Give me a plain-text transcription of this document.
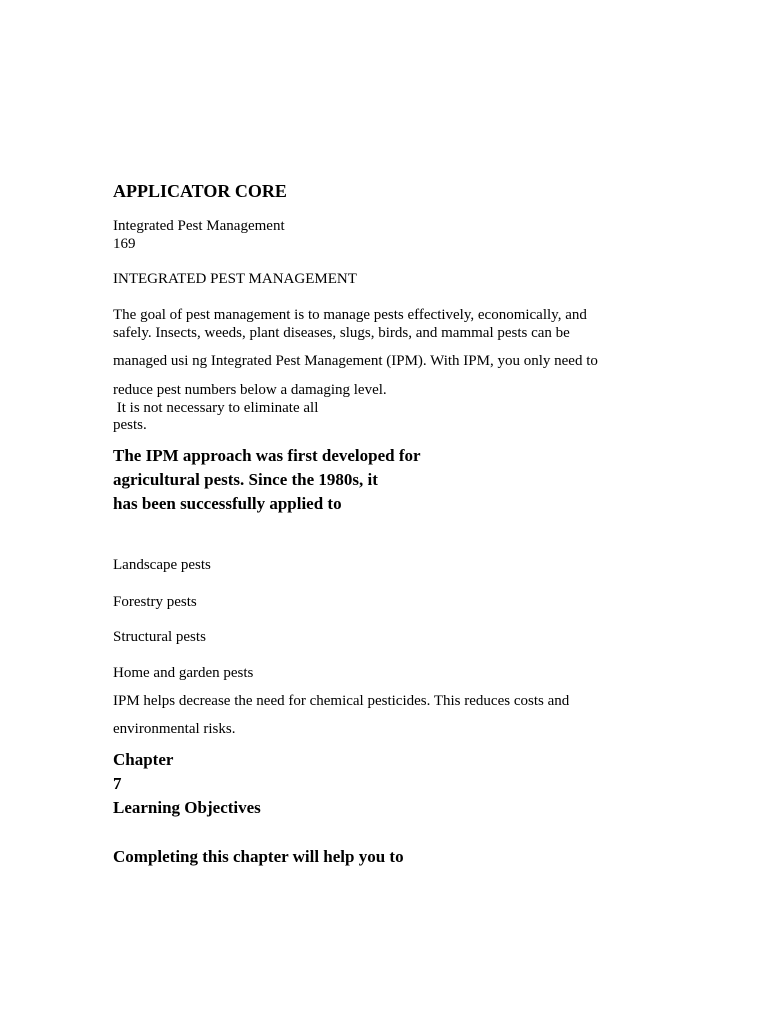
APPLICATOR CORE
Integrated Pest Management
169
INTEGRATED PEST MANAGEMENT
The goal of pest management is to manage pests effectively, economically, and
safely. Insects, weeds, plant diseases, slugs, birds, and mammal pests can be
managed usi ng Integrated Pest Management (IPM). With IPM, you only need to
reduce pest numbers below a damaging level.
It is not necessary to eliminate all
pests.
The IPM approach was first developed for
agricultural pests. Since the 1980s, it
has been successfully applied to
Landscape pests
Forestry pests
Structural pests
Home and garden pests
IPM helps decrease the need for chemical pesticides. This reduces costs and
environmental risks.
Chapter
7
Learning Objectives
Completing this chapter will help you to
